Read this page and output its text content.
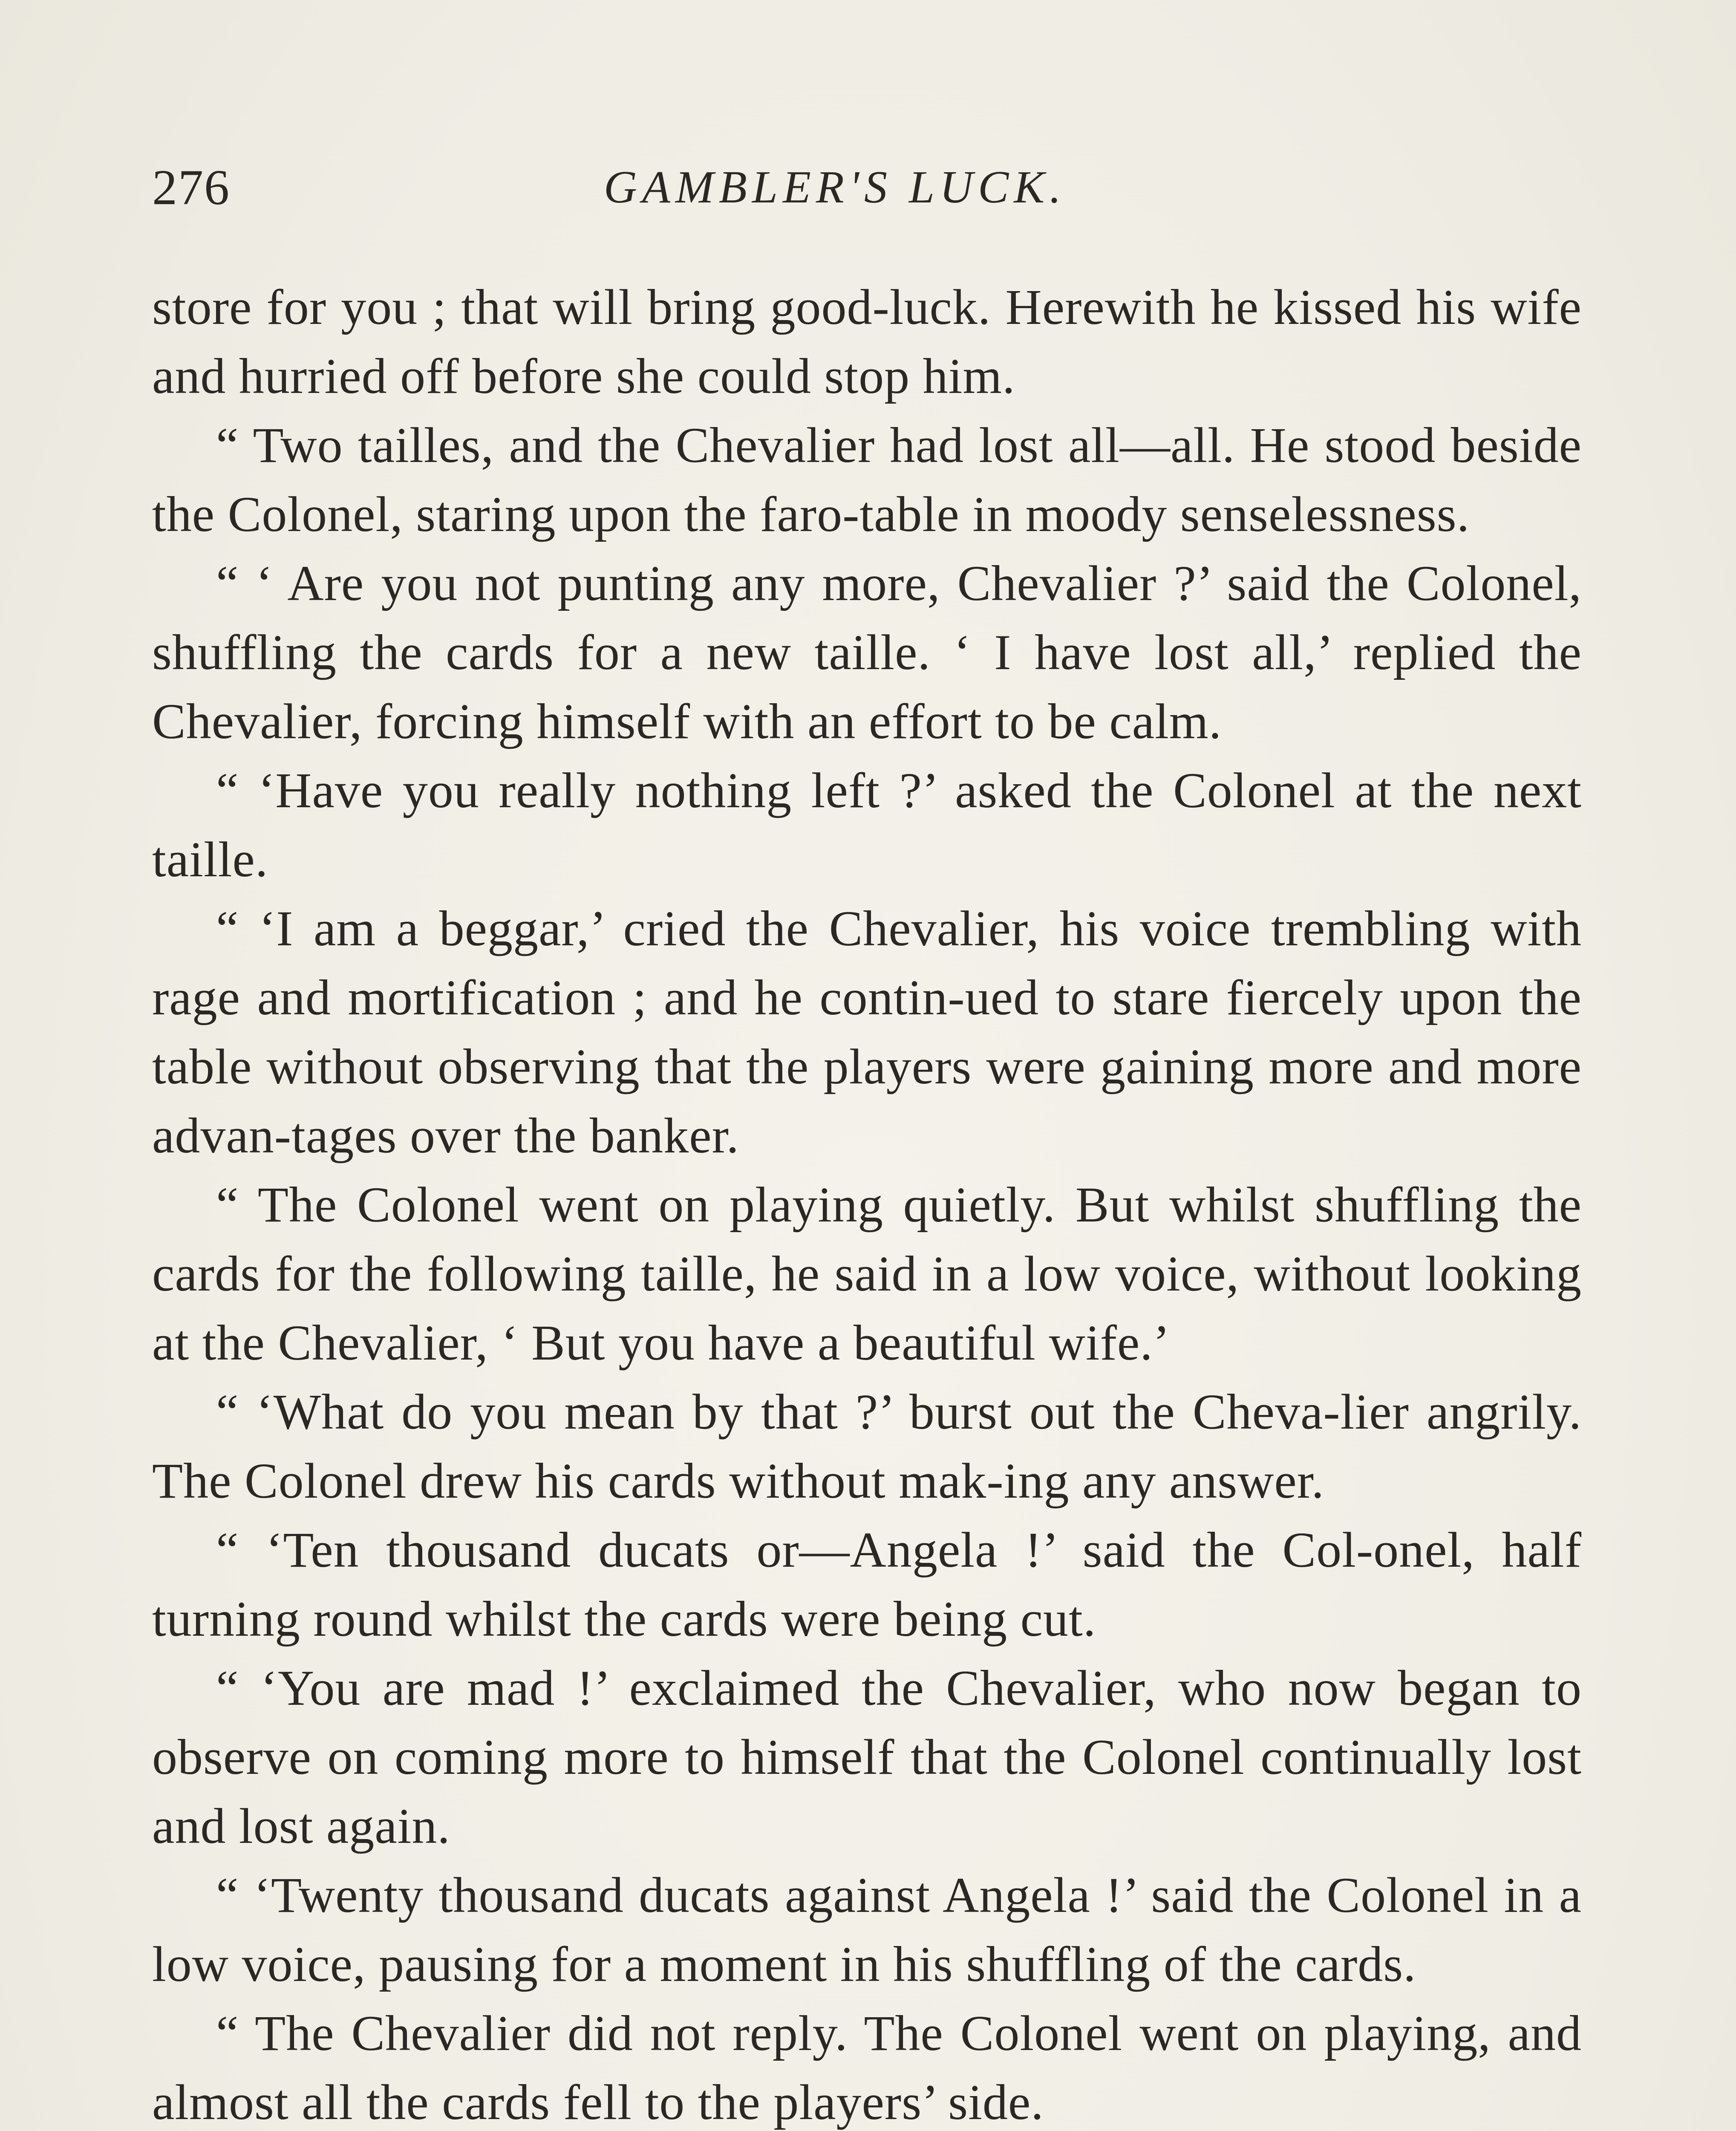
276	GAMBLER'S LUCK.

store for you ; that will bring good-luck. Herewith he kissed his wife and hurried off before she could stop him.

“ Two tailles, and the Chevalier had lost all—all. He stood beside the Colonel, staring upon the faro-table in moody senselessness.

“ ‘ Are you not punting any more, Chevalier ?’ said the Colonel, shuffling the cards for a new taille. ‘ I have lost all,’ replied the Chevalier, forcing himself with an effort to be calm.

“ ‘Have you really nothing left ?’ asked the Colonel at the next taille.

“ ‘I am a beggar,’ cried the Chevalier, his voice trembling with rage and mortification ; and he contin-ued to stare fiercely upon the table without observing that the players were gaining more and more advan-tages over the banker.

“ The Colonel went on playing quietly. But whilst shuffling the cards for the following taille, he said in a low voice, without looking at the Chevalier, ‘ But you have a beautiful wife.’

“ ‘What do you mean by that ?’ burst out the Cheva-lier angrily. The Colonel drew his cards without mak-ing any answer.

“ ‘Ten thousand ducats or—Angela !’ said the Col-onel, half turning round whilst the cards were being cut.

“ ‘You are mad !’ exclaimed the Chevalier, who now began to observe on coming more to himself that the Colonel continually lost and lost again.

“ ‘Twenty thousand ducats against Angela !’ said the Colonel in a low voice, pausing for a moment in his shuffling of the cards.

“ The Chevalier did not reply. The Colonel went on playing, and almost all the cards fell to the players’ side.
